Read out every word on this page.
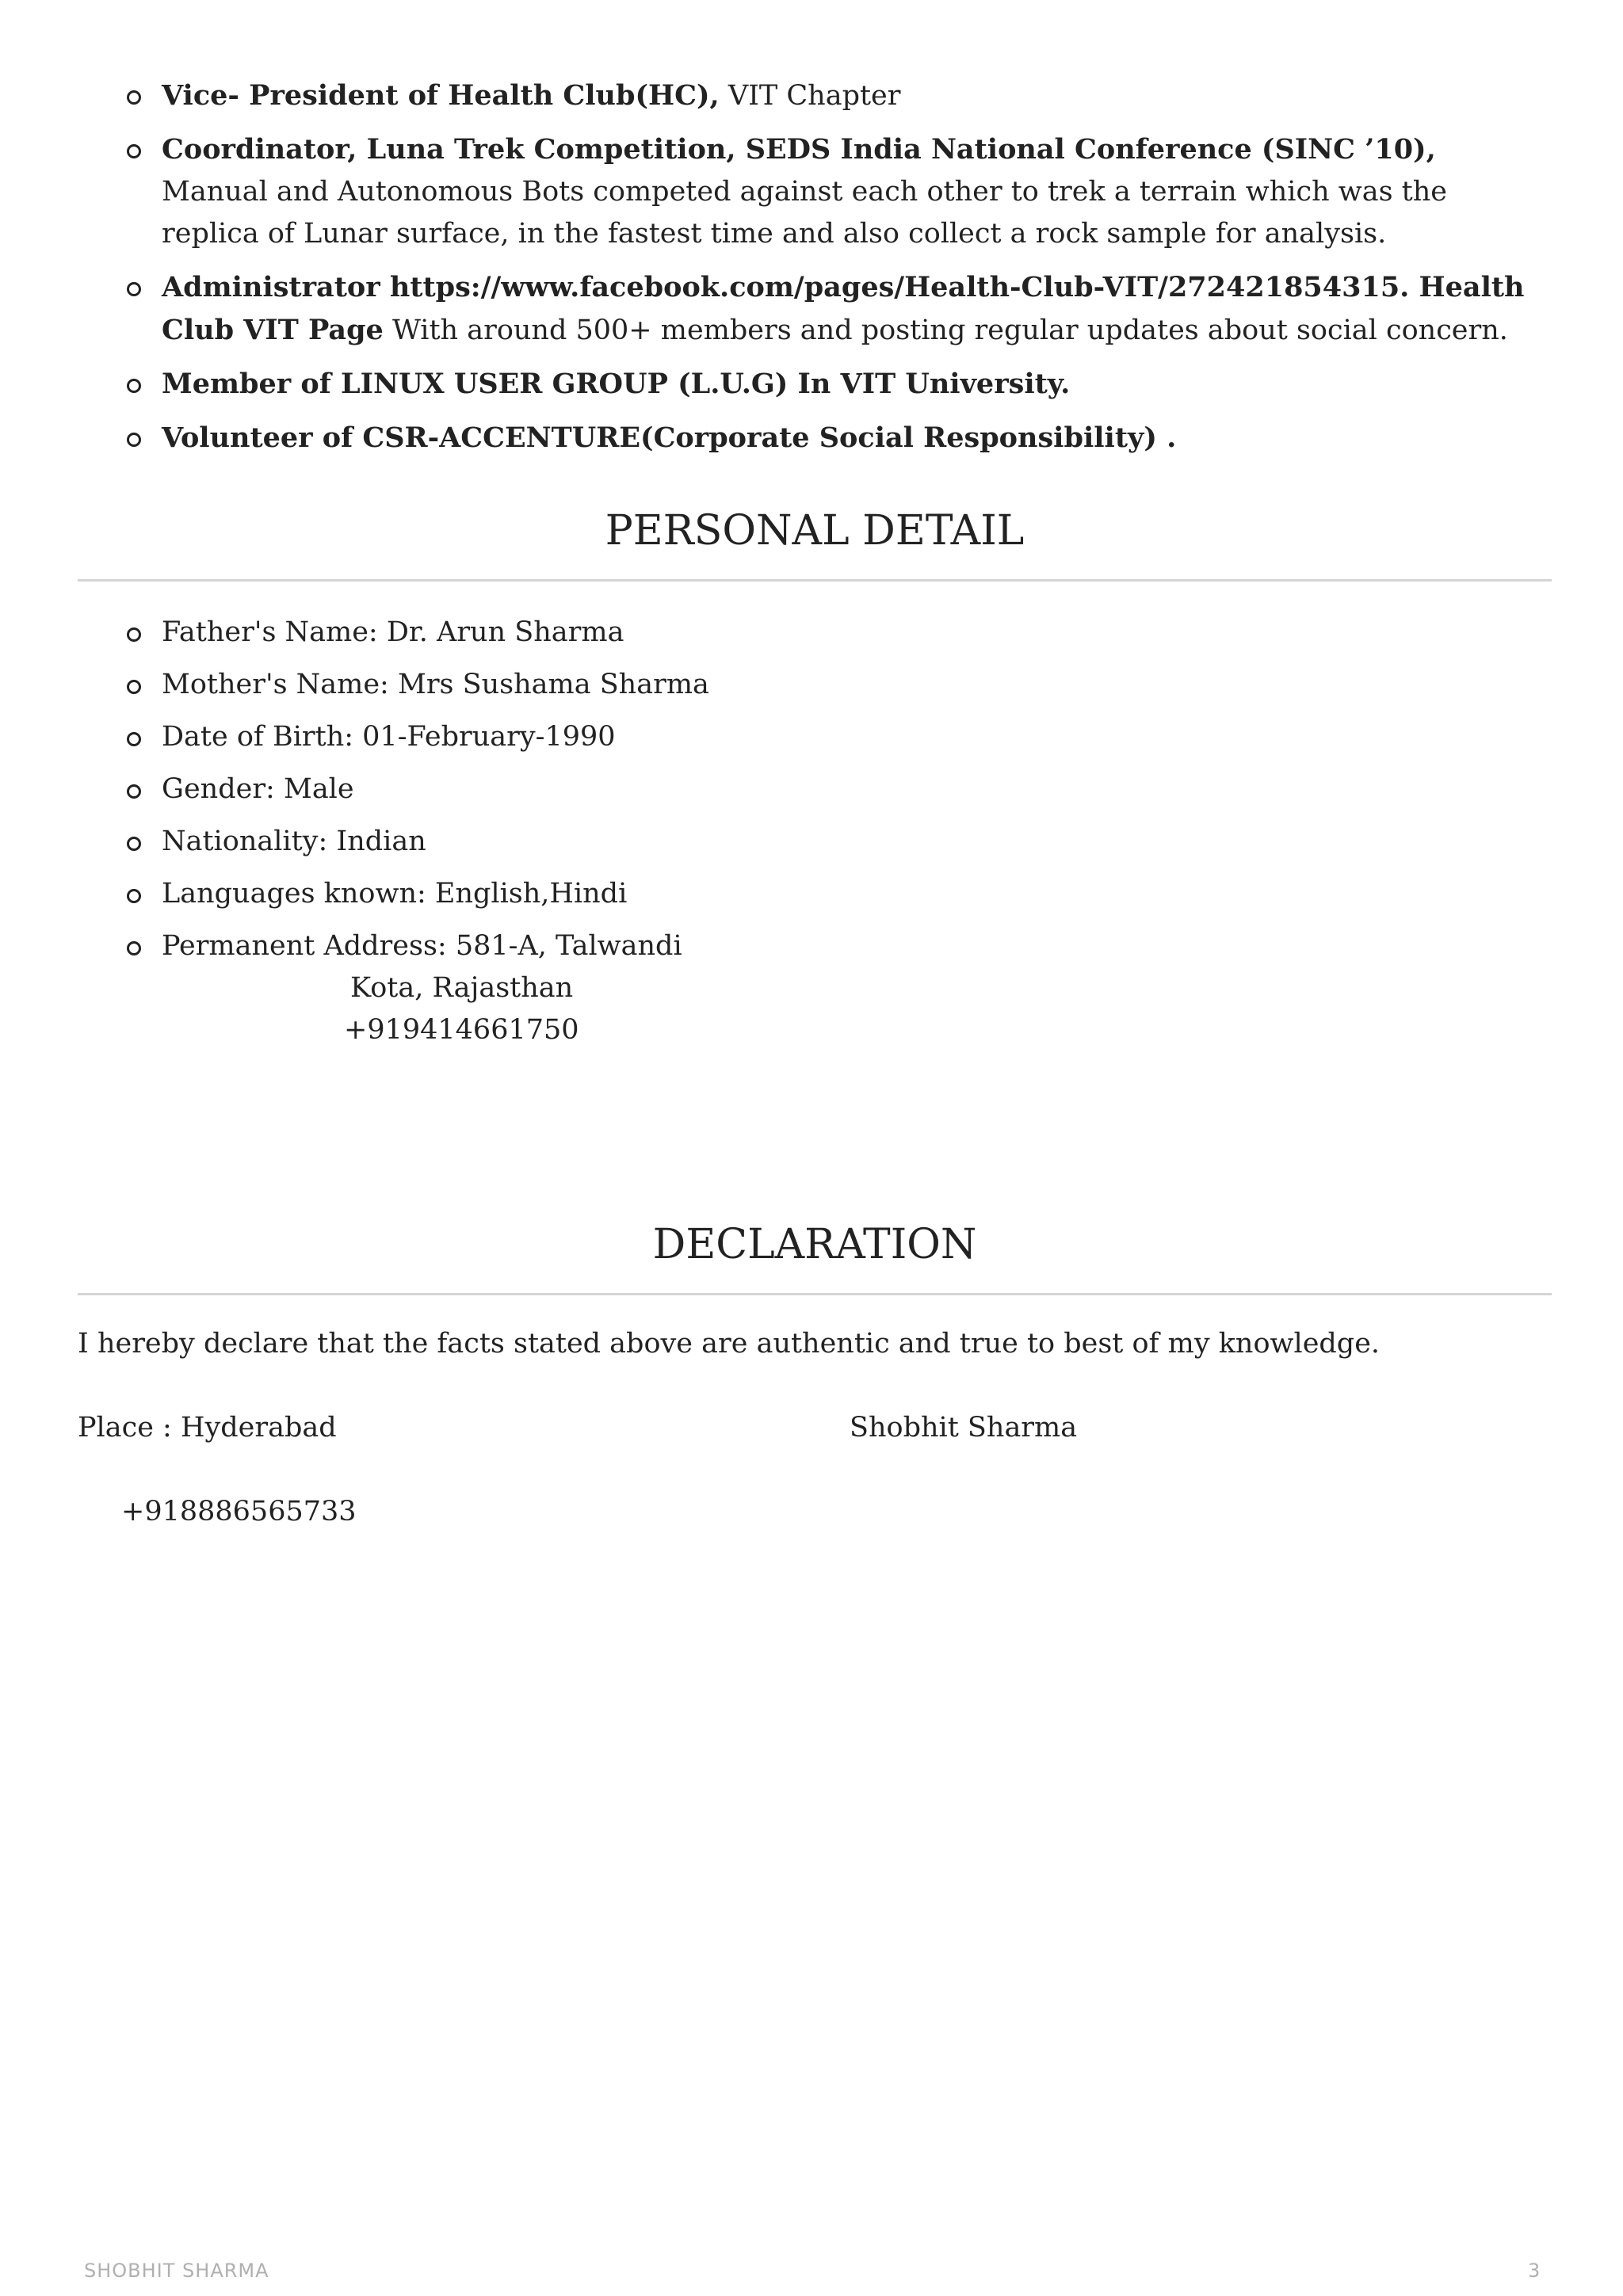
Vice- President of Health Club(HC), VIT Chapter
Coordinator, Luna Trek Competition, SEDS India National Conference (SINC ’10), Manual and Autonomous Bots competed against each other to trek a terrain which was the replica of Lunar surface, in the fastest time and also collect a rock sample for analysis.
Administrator https://www.facebook.com/pages/Health-Club-VIT/272421854315. Health Club VIT Page With around 500+ members and posting regular updates about social concern.
Member of LINUX USER GROUP (L.U.G) In VIT University.
Volunteer of CSR-ACCENTURE(Corporate Social Responsibility) .
PERSONAL DETAIL
Father's Name: Dr. Arun Sharma
Mother's Name: Mrs Sushama Sharma
Date of Birth: 01-February-1990
Gender: Male
Nationality: Indian
Languages known: English,Hindi
Permanent Address: 581-A, Talwandi
Kota, Rajasthan
+919414661750
DECLARATION
I hereby declare that the facts stated above are authentic and true to best of my knowledge.
Place : Hyderabad	Shobhit Sharma
+918886565733
SHOBHIT SHARMA	3
